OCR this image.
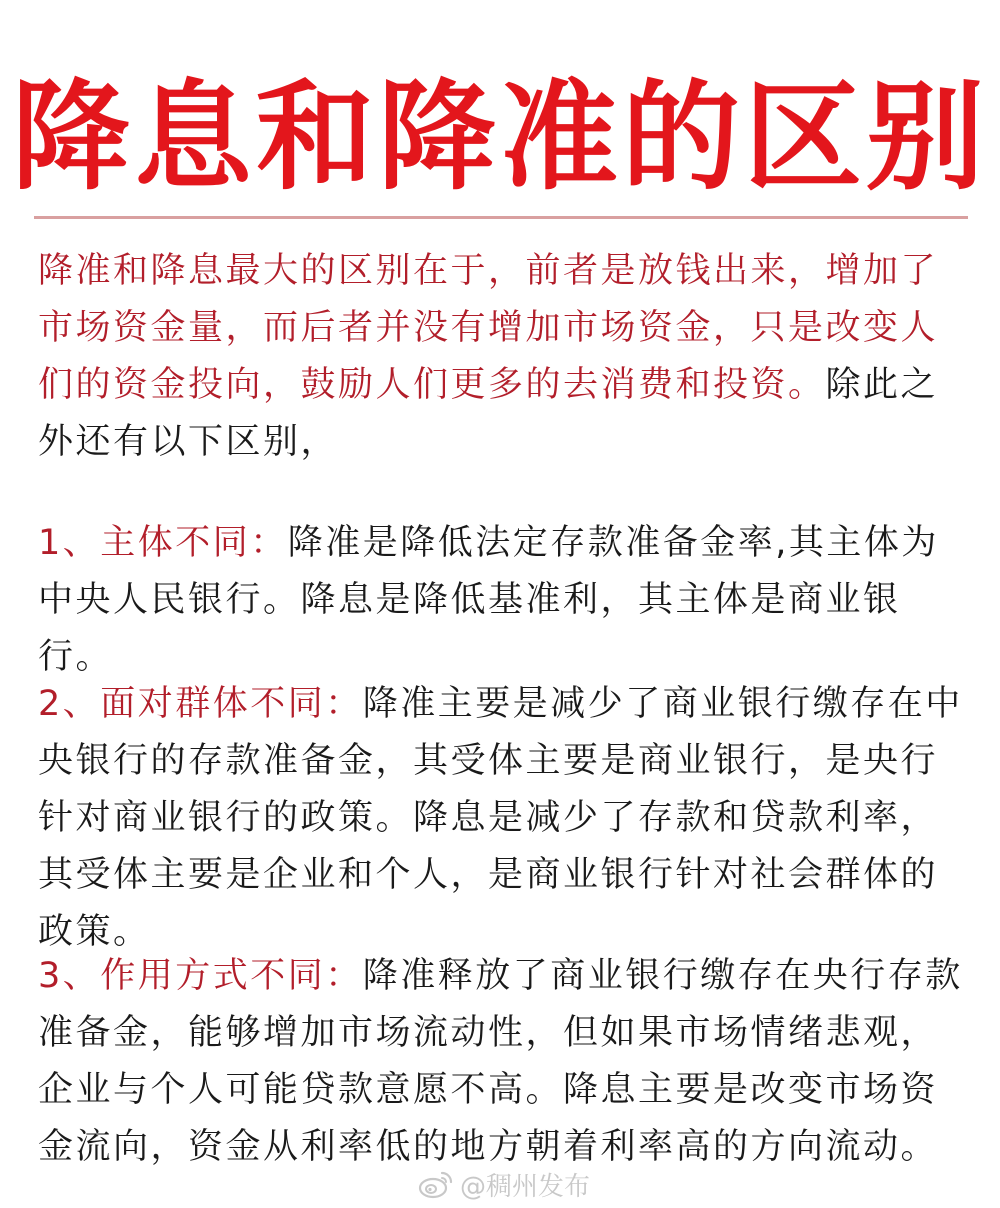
降息和降准的区别
降准和降息最大的区别在于，前者是放钱出来，增加了市场资金量，而后者并没有增加市场资金，只是改变人们的资金投向，鼓励人们更多的去消费和投资。除此之外还有以下区别，
1、主体不同：降准是降低法定存款准备金率,其主体为中央人民银行。降息是降低基准利，其主体是商业银行。
2、面对群体不同：降准主要是减少了商业银行缴存在中央银行的存款准备金，其受体主要是商业银行，是央行针对商业银行的政策。降息是减少了存款和贷款利率，其受体主要是企业和个人，是商业银行针对社会群体的政策。
3、作用方式不同：降准释放了商业银行缴存在央行存款准备金，能够增加市场流动性，但如果市场情绪悲观，企业与个人可能贷款意愿不高。降息主要是改变市场资金流向，资金从利率低的地方朝着利率高的方向流动。
@稠州发布
